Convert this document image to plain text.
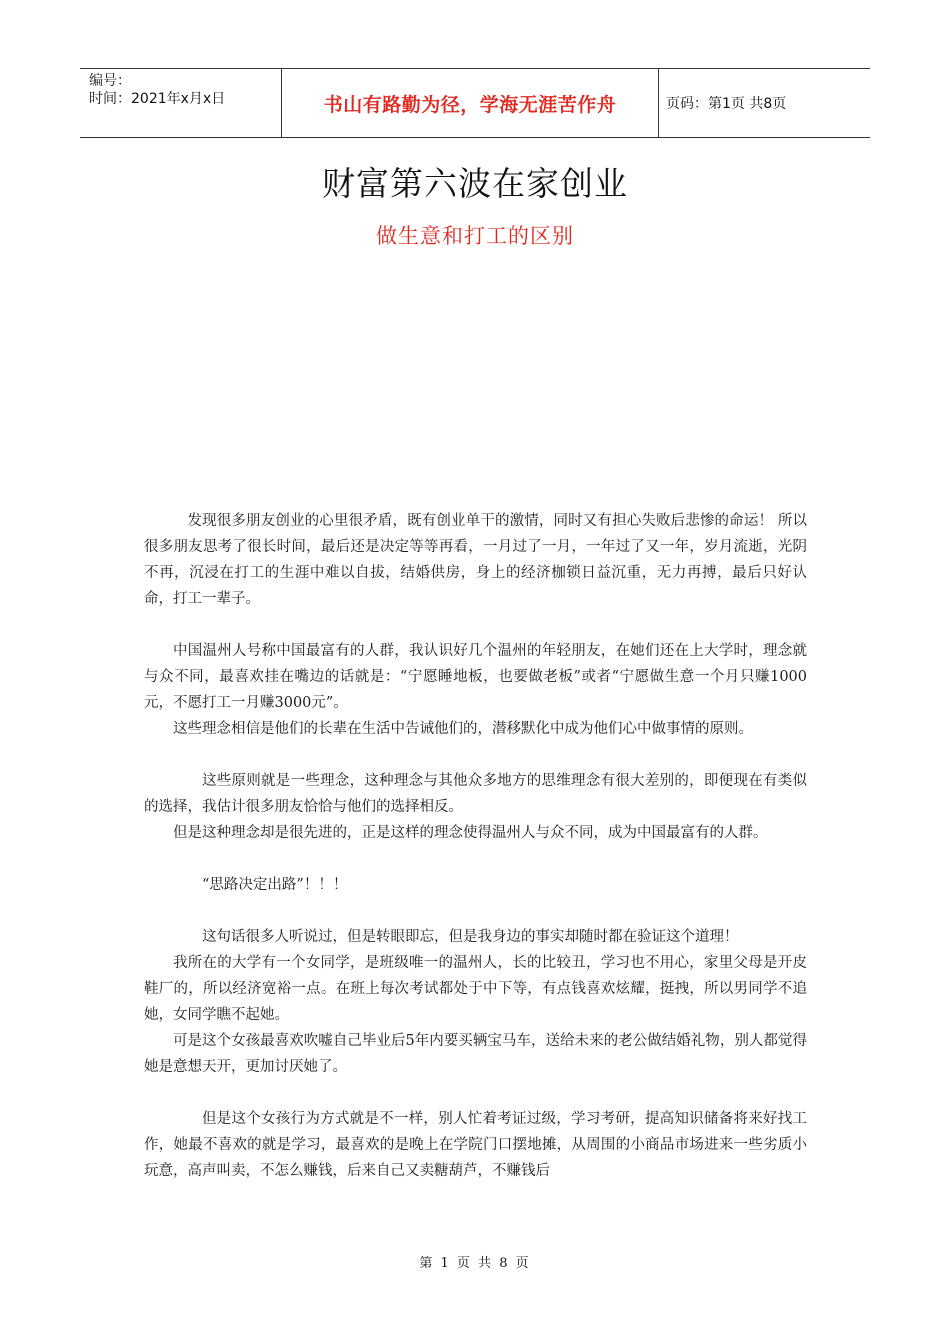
编号：
时间：2021年x月x日	书山有路勤为径，学海无涯苦作舟	页码：第1页 共8页
财富第六波在家创业
做生意和打工的区别

发现很多朋友创业的心里很矛盾，既有创业单干的激情，同时又有担心失败后悲惨的命运！ 所以很多朋友思考了很长时间，最后还是决定等等再看，一月过了一月，一年过了又一年，岁月流逝，光阴不再，沉浸在打工的生涯中难以自拔，结婚供房，身上的经济枷锁日益沉重，无力再搏，最后只好认命，打工一辈子。

中国温州人号称中国最富有的人群，我认识好几个温州的年轻朋友，在她们还在上大学时，理念就与众不同，最喜欢挂在嘴边的话就是：“宁愿睡地板，也要做老板”或者“宁愿做生意一个月只赚1000元，不愿打工一月赚3000元”。

这些理念相信是他们的长辈在生活中告诫他们的，潜移默化中成为他们心中做事情的原则。

这些原则就是一些理念，这种理念与其他众多地方的思维理念有很大差别的，即便现在有类似的选择，我估计很多朋友恰恰与他们的选择相反。

但是这种理念却是很先进的，正是这样的理念使得温州人与众不同，成为中国最富有的人群。

“思路决定出路”！！！

这句话很多人听说过，但是转眼即忘，但是我身边的事实却随时都在验证这个道理！

我所在的大学有一个女同学，是班级唯一的温州人，长的比较丑，学习也不用心，家里父母是开皮鞋厂的，所以经济宽裕一点。在班上每次考试都处于中下等，有点钱喜欢炫耀，挺拽，所以男同学不追她，女同学瞧不起她。

可是这个女孩最喜欢吹嘘自己毕业后5年内要买辆宝马车，送给未来的老公做结婚礼物，别人都觉得她是意想天开，更加讨厌她了。

但是这个女孩行为方式就是不一样，别人忙着考证过级，学习考研，提高知识储备将来好找工作，她最不喜欢的就是学习，最喜欢的是晚上在学院门口摆地摊，从周围的小商品市场进来一些劣质小玩意，高声叫卖，不怎么赚钱，后来自己又卖糖葫芦，不赚钱后

第 1 页 共 8 页
